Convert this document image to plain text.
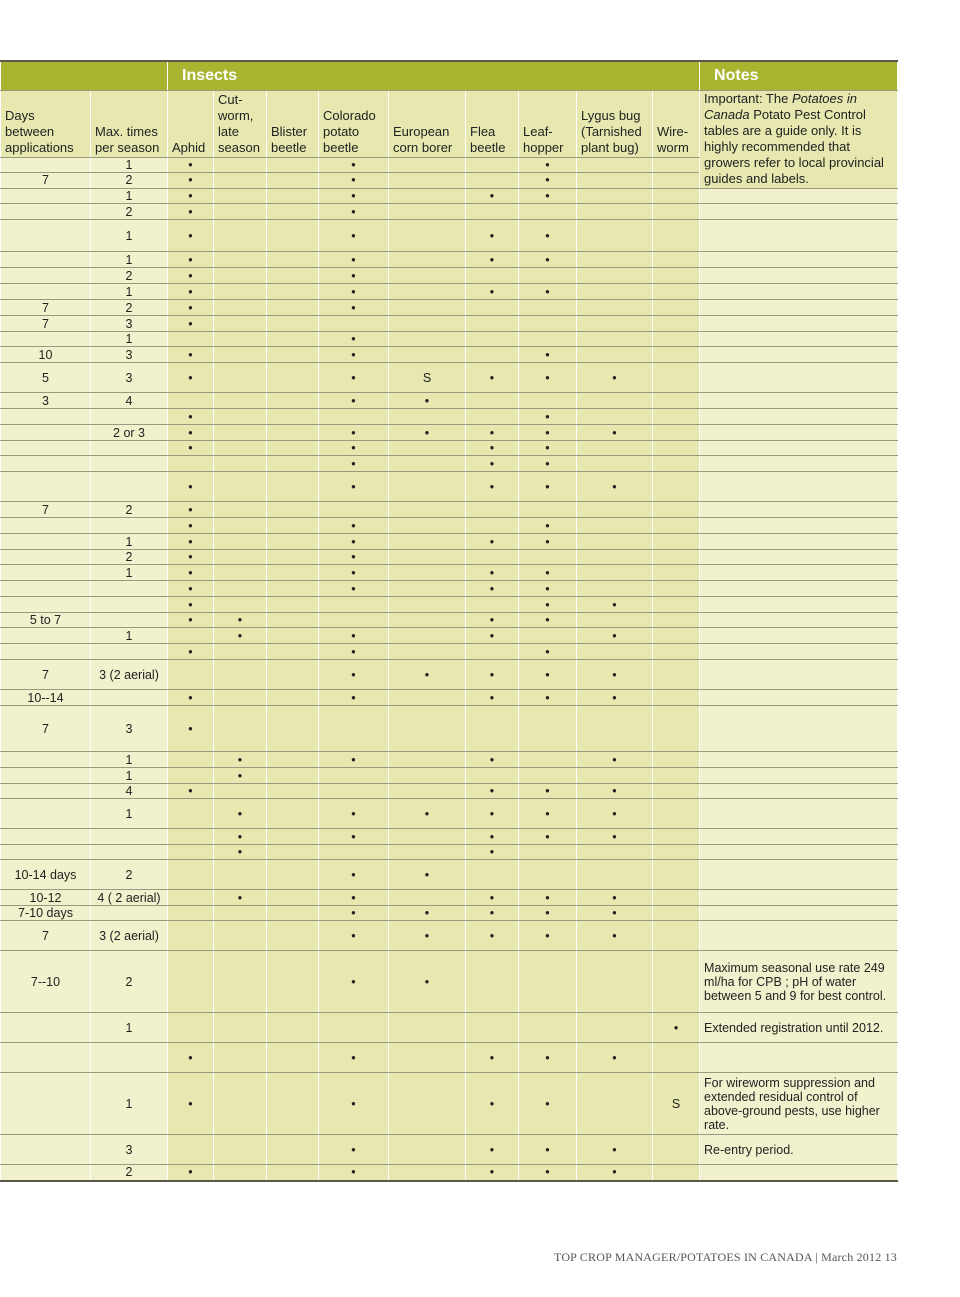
		Insects									Notes	
Days between applications	Max. times per season	Aphid	Cut- worm, late season	Blister beetle	Colorado potato beetle	European corn borer	Flea beetle	Leaf- hopper	Lygus bug (Tarnished plant bug)	Wire- worm	Important: The Potatoes in Canada Potato Pest Control tables are a guide only. It is highly recommended that growers refer to local provincial guides and labels.	
	1	•			•			•				
7	2	•			•			•				
	1	•			•		•	•				
	2	•			•							
	1	•			•		•	•				
	1	•			•		•	•				
	2	•			•							
	1	•			•		•	•				
7	2	•			•							
7	3	•										
	1				•							
10	3	•			•			•				
5	3	•			•	S	•	•	•			
3	4				•	•						
		•						•				
	2 or 3	•			•	•	•	•	•			
		•			•		•	•				
					•		•	•				
		•			•		•	•	•			
7	2	•										
		•			•			•				
	1	•			•		•	•				
	2	•			•							
	1	•			•		•	•				
		•			•		•	•				
		•						•	•			
5 to 7		•	•				•	•				
	1		•		•		•		•			
		•			•			•				
7	3 (2 aerial)				•	•	•	•	•			
10--14		•			•		•	•	•			
7	3	•										
	1		•		•		•		•			
	1		•									
	4	•					•	•	•			
	1		•		•	•	•	•	•			
			•		•		•	•	•			
			•				•					
10-14 days	2				•	•						
10-12	4 ( 2 aerial)		•		•		•	•	•			
7-10 days					•	•	•	•	•			
7	3 (2 aerial)				•	•	•	•	•			
7--10	2				•	•					Maximum seasonal use rate 249 ml/ha for CPB ; pH of water between 5 and 9 for best control.	
	1									•	Extended registration until 2012.	
		•			•		•	•	•			
	1	•			•		•	•		S	For wireworm suppression and extended residual control of above-ground pests, use higher rate.	
	3				•		•	•	•		Re-entry period.	
	2	•			•		•	•	•			
TOP CROP MANAGER/POTATOES IN CANADA | March 2012 13
